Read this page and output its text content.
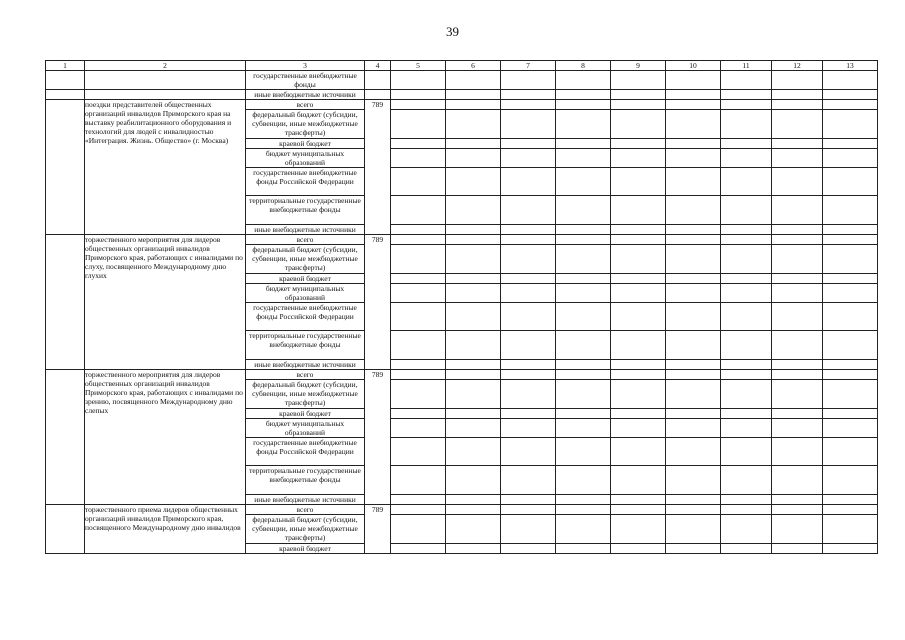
39
1	2	3	4	5	6	7	8	9	10	11	12	13
		государственные внебюджетные фонды										
		иные внебюджетные источники										
	поездки представителей общественных организаций инвалидов Приморского края на выставку реабилитационного оборудования и технологий для людей с инвалидностью «Интеграция. Жизнь. Общество» (г. Москва)	всего	789									
		федеральный бюджет (субсидии, субвенции, иные межбюджетные трансферты)										
		краевой бюджет										
		бюджет муниципальных образований										
		государственные внебюджетные фонды Российской Федерации										
		территориальные государственные внебюджетные фонды										
		иные внебюджетные источники										
	торжественного мероприятия для лидеров общественных организаций инвалидов Приморского края, работающих с инвалидами по слуху, посвященного Международному дню глухих	всего	789									
		федеральный бюджет (субсидии, субвенции, иные межбюджетные трансферты)										
		краевой бюджет										
		бюджет муниципальных образований										
		государственные внебюджетные фонды Российской Федерации										
		территориальные государственные внебюджетные фонды										
		иные внебюджетные источники										
	торжественного мероприятия для лидеров общественных организаций инвалидов Приморского края, работающих с инвалидами по зрению, посвященного Международному дню слепых	всего	789									
		федеральный бюджет (субсидии, субвенции, иные межбюджетные трансферты)										
		краевой бюджет										
		бюджет муниципальных образований										
		государственные внебюджетные фонды Российской Федерации										
		территориальные государственные внебюджетные фонды										
		иные внебюджетные источники										
	торжественного приема лидеров общественных организаций инвалидов Приморского края, посвященного Международному дню инвалидов	всего	789									
		федеральный бюджет (субсидии, субвенции, иные межбюджетные трансферты)										
		краевой бюджет										
